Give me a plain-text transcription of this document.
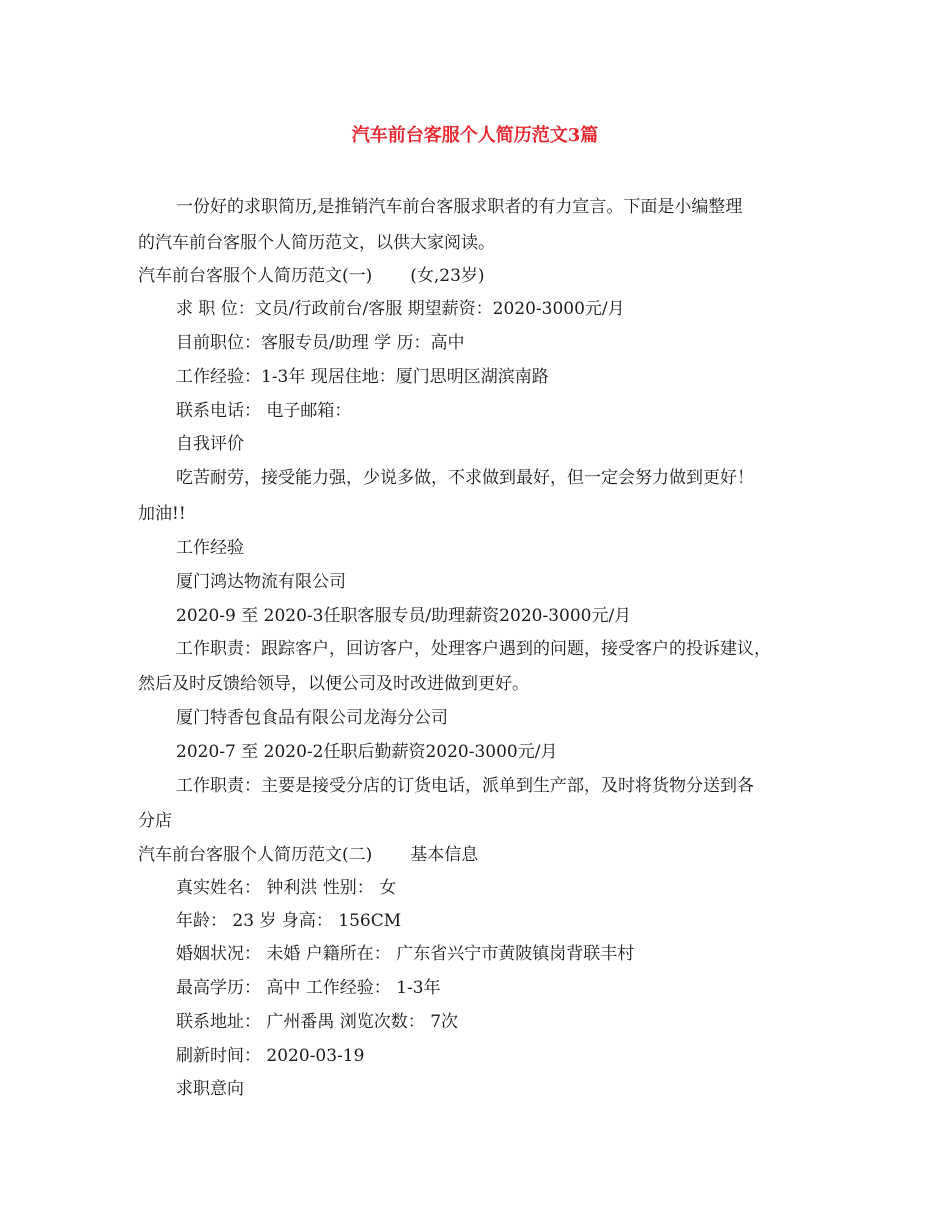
汽车前台客服个人简历范文3篇
一份好的求职简历,是推销汽车前台客服求职者的有力宣言。下面是小编整理
的汽车前台客服个人简历范文，以供大家阅读。
汽车前台客服个人简历范文(一) (女,23岁)
求 职 位：文员/行政前台/客服 期望薪资：2020-3000元/月
目前职位：客服专员/助理 学 历：高中
工作经验：1-3年 现居住地：厦门思明区湖滨南路
联系电话： 电子邮箱：
自我评价
吃苦耐劳，接受能力强，少说多做，不求做到最好，但一定会努力做到更好！
加油!!
工作经验
厦门鸿达物流有限公司
2020-9 至 2020-3任职客服专员/助理薪资2020-3000元/月
工作职责：跟踪客户，回访客户，处理客户遇到的问题，接受客户的投诉建议，
然后及时反馈给领导，以便公司及时改进做到更好。
厦门特香包食品有限公司龙海分公司
2020-7 至 2020-2任职后勤薪资2020-3000元/月
工作职责：主要是接受分店的订货电话，派单到生产部，及时将货物分送到各
分店
汽车前台客服个人简历范文(二) 基本信息
真实姓名： 钟利洪 性别： 女
年龄： 23 岁 身高： 156CM
婚姻状况： 未婚 户籍所在： 广东省兴宁市黄陂镇岗背联丰村
最高学历： 高中 工作经验： 1-3年
联系地址： 广州番禺 浏览次数： 7次
刷新时间： 2020-03-19
求职意向
